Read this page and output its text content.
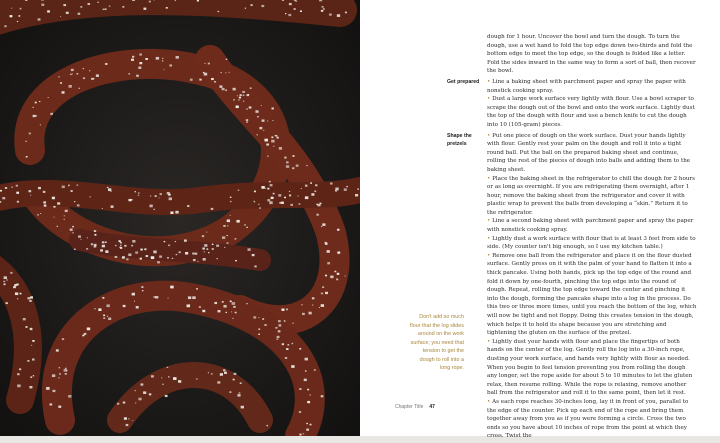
dough for 1 hour. Uncover the bowl and turn the dough. To turn the dough, use a wet hand to fold the top edge down two-thirds and fold the bottom edge to meet the top edge, so the dough is folded like a letter. Fold the sides inward in the same way to form a sort of ball, then recover the bowl.

Get prepared	• Line a baking sheet with parchment paper and spray the paper with nonstick cooking spray.

• Dust a large work surface very lightly with flour. Use a bowl scraper to scrape the dough out of the bowl and onto the work surface. Lightly dust the top of the dough with flour and use a bench knife to cut the dough into 10 (105-gram) pieces.

Shape the pretzels

• Put one piece of dough on the work surface. Dust your hands lightly with flour. Gently rest your palm on the dough and roll it into a tight round ball. Put the ball on the prepared baking sheet and continue, rolling the rest of the pieces of dough into balls and adding them to the baking sheet.

• Place the baking sheet in the refrigerator to chill the dough for 2 hours or as long as overnight. If you are refrigerating them overnight, after 1 hour, remove the baking sheet from the refrigerator and cover it with plastic wrap to prevent the balls from developing a “skin.” Return it to the refrigerator.

• Line a second baking sheet with parchment paper and spray the paper with nonstick cooking spray.

• Lightly dust a work surface with flour that is at least 3 feet from side to side. (My counter isn't big enough, so I use my kitchen table.)

• Remove one ball from the refrigerator and place it on the flour dusted surface. Gently press on it with the palm of your hand to flatten it into a thick pancake. Using both hands, pick up the top edge of the round and fold it down by one-fourth, pinching the top edge into the round of dough. Repeat, rolling the top edge toward the center and pinching it into the dough, forming the pancake shape into a log in the process. Do this two or three more times, until you reach the bottom of the log, which will now be tight and not floppy. Doing this creates tension in the dough, which helps it to hold its shape because you are stretching and tightening the gluten on the surface of the pretzel.

• Lightly dust your hands with flour and place the fingertips of both hands on the center of the log. Gently roll the log into a 30-inch rope, dusting your work surface, and hands very lightly with flour as needed. When you begin to feel tension preventing you from rolling the dough any longer, set the rope aside for about 5 to 10 minutes to let the gluten relax, then resume rolling. While the rope is relaxing, remove another ball from the refrigerator and roll it to the same point, then let it rest.

• As each rope reaches 30-inches long, lay it in front of you, parallel to the edge of the counter. Pick up each end of the rope and bring them together away from you as if you were forming a circle. Cross the two ends so you have about 10 inches of rope from the point at which they cross. Twist the

Don't add so much flour that the log slides around on the work surface; you need that tension to get the dough to roll into a long rope.
Chapter Title 47
